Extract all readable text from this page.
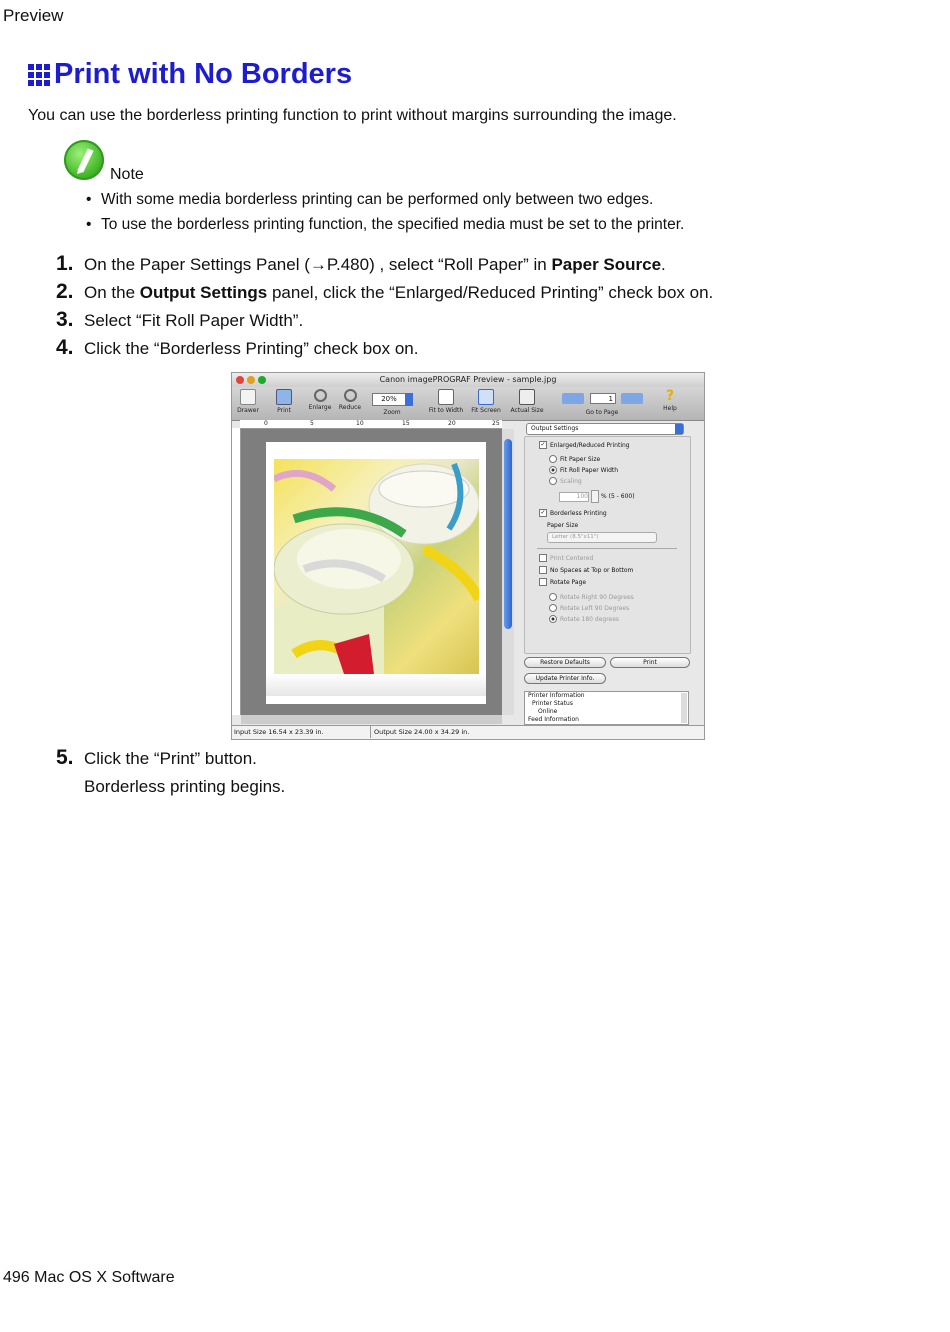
Preview
Print with No Borders
You can use the borderless printing function to print without margins surrounding the image.
Note
• With some media borderless printing can be performed only between two edges.
• To use the borderless printing function, the specified media must be set to the printer.
1. On the Paper Settings Panel (→P.480) , select “Roll Paper” in Paper Source.
2. On the Output Settings panel, click the “Enlarged/Reduced Printing” check box on.
3. Select “Fit Roll Paper Width”.
4. Click the “Borderless Printing” check box on.
Canon imagePROGRAF Preview - sample.jpg
Drawer	Print	Enlarge	Reduce
20%
Zoom	Fit to Width	Fit Screen	Actual Size
1
Go to Page
?
Help
0	5	10	15	20	25
Input Size 16.54 x 23.39 in.	Output Size 24.00 x 34.29 in.
Output Settings
✓ Enlarged/Reduced Printing
Fit Paper Size
Fit Roll Paper Width
Scaling
100 % (5 - 600)
✓ Borderless Printing
Paper Size
Letter (8.5"x11")
Print Centered
No Spaces at Top or Bottom
Rotate Page
Rotate Right 90 Degrees
Rotate Left 90 Degrees
Rotate 180 degrees
Restore Defaults	Print
Update Printer Info.
Printer Information
Printer Status
Online
Feed Information
5. Click the “Print” button.
Borderless printing begins.
496 Mac OS X Software
